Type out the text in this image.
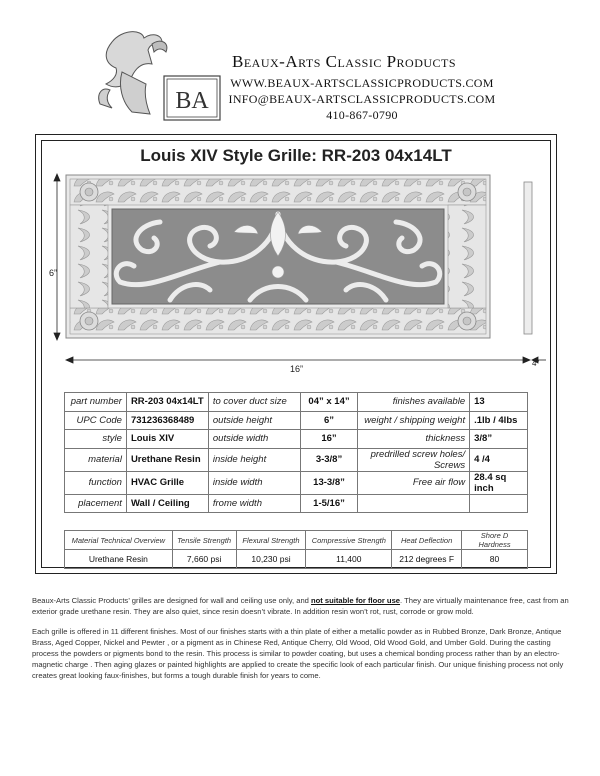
BA
Beaux-Arts Classic Products
WWW.BEAUX-ARTSCLASSICPRODUCTS.COM
INFO@BEAUX-ARTSCLASSICPRODUCTS.COM
410-867-0790
Louis XIV Style Grille: RR-203 04x14LT
6”
16”
4”
part number	RR-203 04x14LT	to cover duct size	04” x 14”	finishes available	13
UPC Code	731236368489	outside height	6”	weight / shipping weight	.1lb / 4lbs
style	Louis XIV	outside width	16”	thickness	3/8”
material	Urethane Resin	inside height	3-3/8”	predrilled screw holes/ Screws	4 /4
function	HVAC Grille	inside width	13-3/8”	Free air flow	28.4 sq inch
placement	Wall / Ceiling	frome width	1-5/16”		
Material Technical Overview	Tensile Strength	Flexural Strength	Compressive Strength	Heat Deflection	Shore D Hardness
Urethane Resin	7,660 psi	10,230 psi	11,400	212 degrees F	80

Beaux-Arts Classic Products’ grilles are designed for wall and ceiling use only, and not suitable for floor use. They are virtually maintenance free, cast from an exterior grade urethane resin. They are also quiet, since resin doesn’t vibrate. In addition resin won’t rot, rust, corrode or grow mold.

Each grille is offered in 11 different finishes. Most of our finishes starts with a thin plate of either a metallic powder as in Rubbed Bronze, Dark Bronze, Antique Brass, Aged Copper, Nickel and Pewter , or a pigment as in Chinese Red, Antique Cherry, Old Wood, Old Wood Gold, and Umber Gold. During the casting process the powders or pigments bond to the resin. This process is similar to powder coating, but uses a chemical bonding process rather than by an electro-magnetic charge . Then aging glazes or painted highlights are applied to create the specific look of each particular finish. Our unique finishing process not only creates great looking faux-finishes, but forms a tough durable finish for years to come.
